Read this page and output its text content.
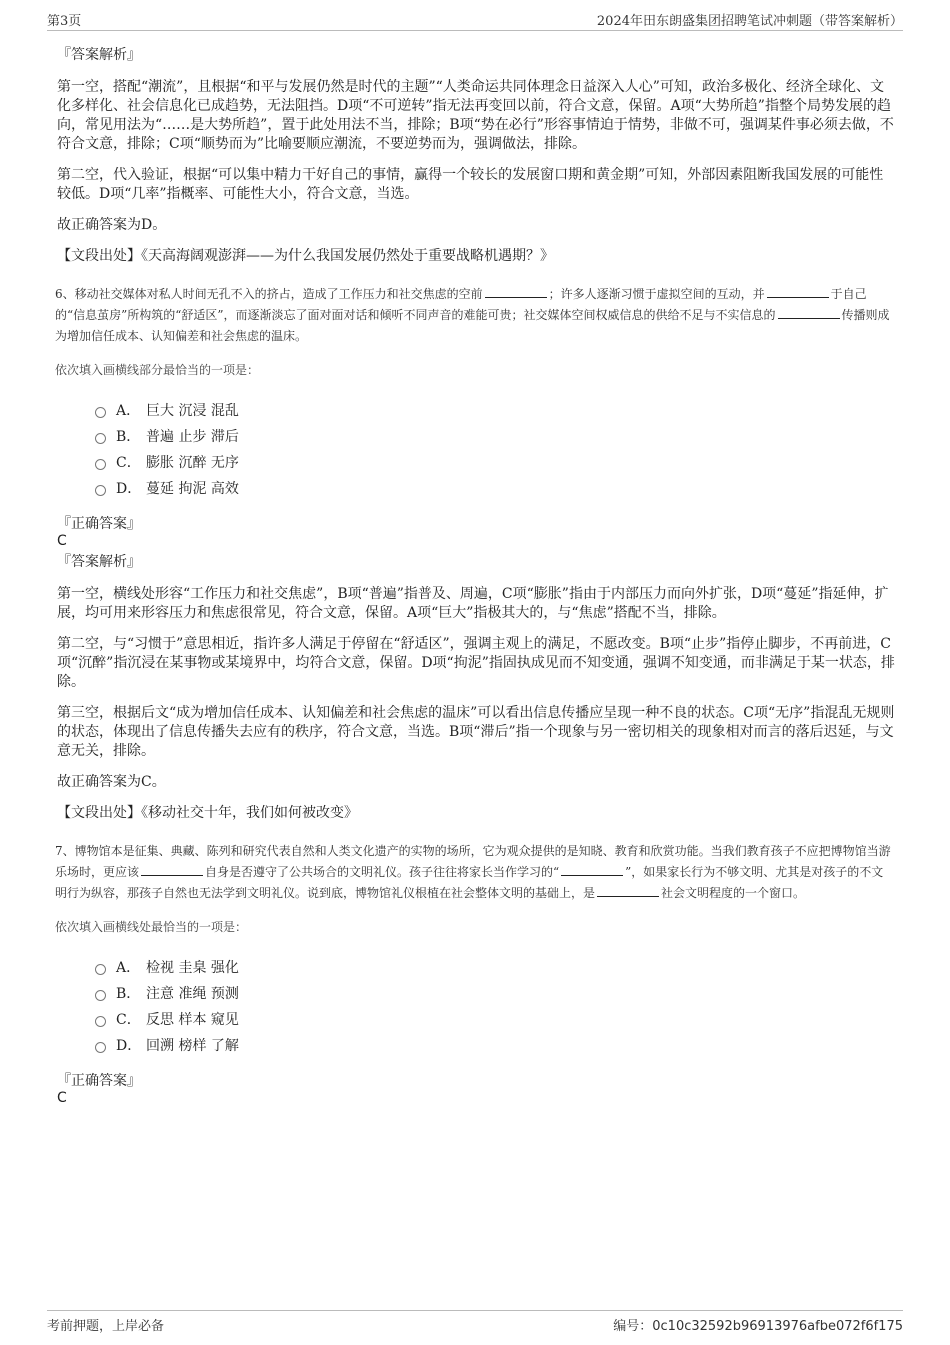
第3页	2024年田东朗盛集团招聘笔试冲刺题（带答案解析）
『答案解析』

第一空，搭配“潮流”，且根据“和平与发展仍然是时代的主题”“人类命运共同体理念日益深入人心”可知，政治多极化、经济全球化、文化多样化、社会信息化已成趋势，无法阻挡。D项“不可逆转”指无法再变回以前，符合文意，保留。A项“大势所趋”指整个局势发展的趋向，常见用法为“……是大势所趋”，置于此处用法不当，排除；B项“势在必行”形容事情迫于情势，非做不可，强调某件事必须去做，不符合文意，排除；C项“顺势而为”比喻要顺应潮流，不要逆势而为，强调做法，排除。

第二空，代入验证，根据“可以集中精力干好自己的事情，赢得一个较长的发展窗口期和黄金期”可知，外部因素阻断我国发展的可能性较低。D项“几率”指概率、可能性大小，符合文意，当选。

故正确答案为D。

【文段出处】《天高海阔观澎湃——为什么我国发展仍然处于重要战略机遇期？》

6、移动社交媒体对私人时间无孔不入的挤占，造成了工作压力和社交焦虑的空前	；许多人逐渐习惯于虚拟空间的互动，并	于自己的“信息茧房”所构筑的“舒适区”，而逐渐淡忘了面对面对话和倾听不同声音的难能可贵；社交媒体空间权威信息的供给不足与不实信息的	传播则成为增加信任成本、认知偏差和社会焦虑的温床。

依次填入画横线部分最恰当的一项是：

A． 巨大 沉浸 混乱
B． 普遍 止步 滞后
C． 膨胀 沉醉 无序
D． 蔓延 拘泥 高效
『正确答案』
C
『答案解析』

第一空，横线处形容“工作压力和社交焦虑”，B项“普遍”指普及、周遍，C项“膨胀”指由于内部压力而向外扩张，D项“蔓延”指延伸，扩展，均可用来形容压力和焦虑很常见，符合文意，保留。A项“巨大”指极其大的，与“焦虑”搭配不当，排除。

第二空，与“习惯于”意思相近，指许多人满足于停留在“舒适区”，强调主观上的满足，不愿改变。B项“止步”指停止脚步，不再前进，C项“沉醉”指沉浸在某事物或某境界中，均符合文意，保留。D项“拘泥”指固执成见而不知变通，强调不知变通，而非满足于某一状态，排除。

第三空，根据后文“成为增加信任成本、认知偏差和社会焦虑的温床”可以看出信息传播应呈现一种不良的状态。C项“无序”指混乱无规则的状态，体现出了信息传播失去应有的秩序，符合文意，当选。B项“滞后”指一个现象与另一密切相关的现象相对而言的落后迟延，与文意无关，排除。

故正确答案为C。

【文段出处】《移动社交十年，我们如何被改变》

7、博物馆本是征集、典藏、陈列和研究代表自然和人类文化遗产的实物的场所，它为观众提供的是知晓、教育和欣赏功能。当我们教育孩子不应把博物馆当游乐场时，更应该	自身是否遵守了公共场合的文明礼仪。孩子往往将家长当作学习的“	”，如果家长行为不够文明、尤其是对孩子的不文明行为纵容，那孩子自然也无法学到文明礼仪。说到底，博物馆礼仪根植在社会整体文明的基础上，是	社会文明程度的一个窗口。

依次填入画横线处最恰当的一项是：

A． 检视 圭臬 强化
B． 注意 准绳 预测
C． 反思 样本 窥见
D． 回溯 榜样 了解
『正确答案』
C
考前押题，上岸必备	编号：0c10c32592b96913976afbe072f6f175
